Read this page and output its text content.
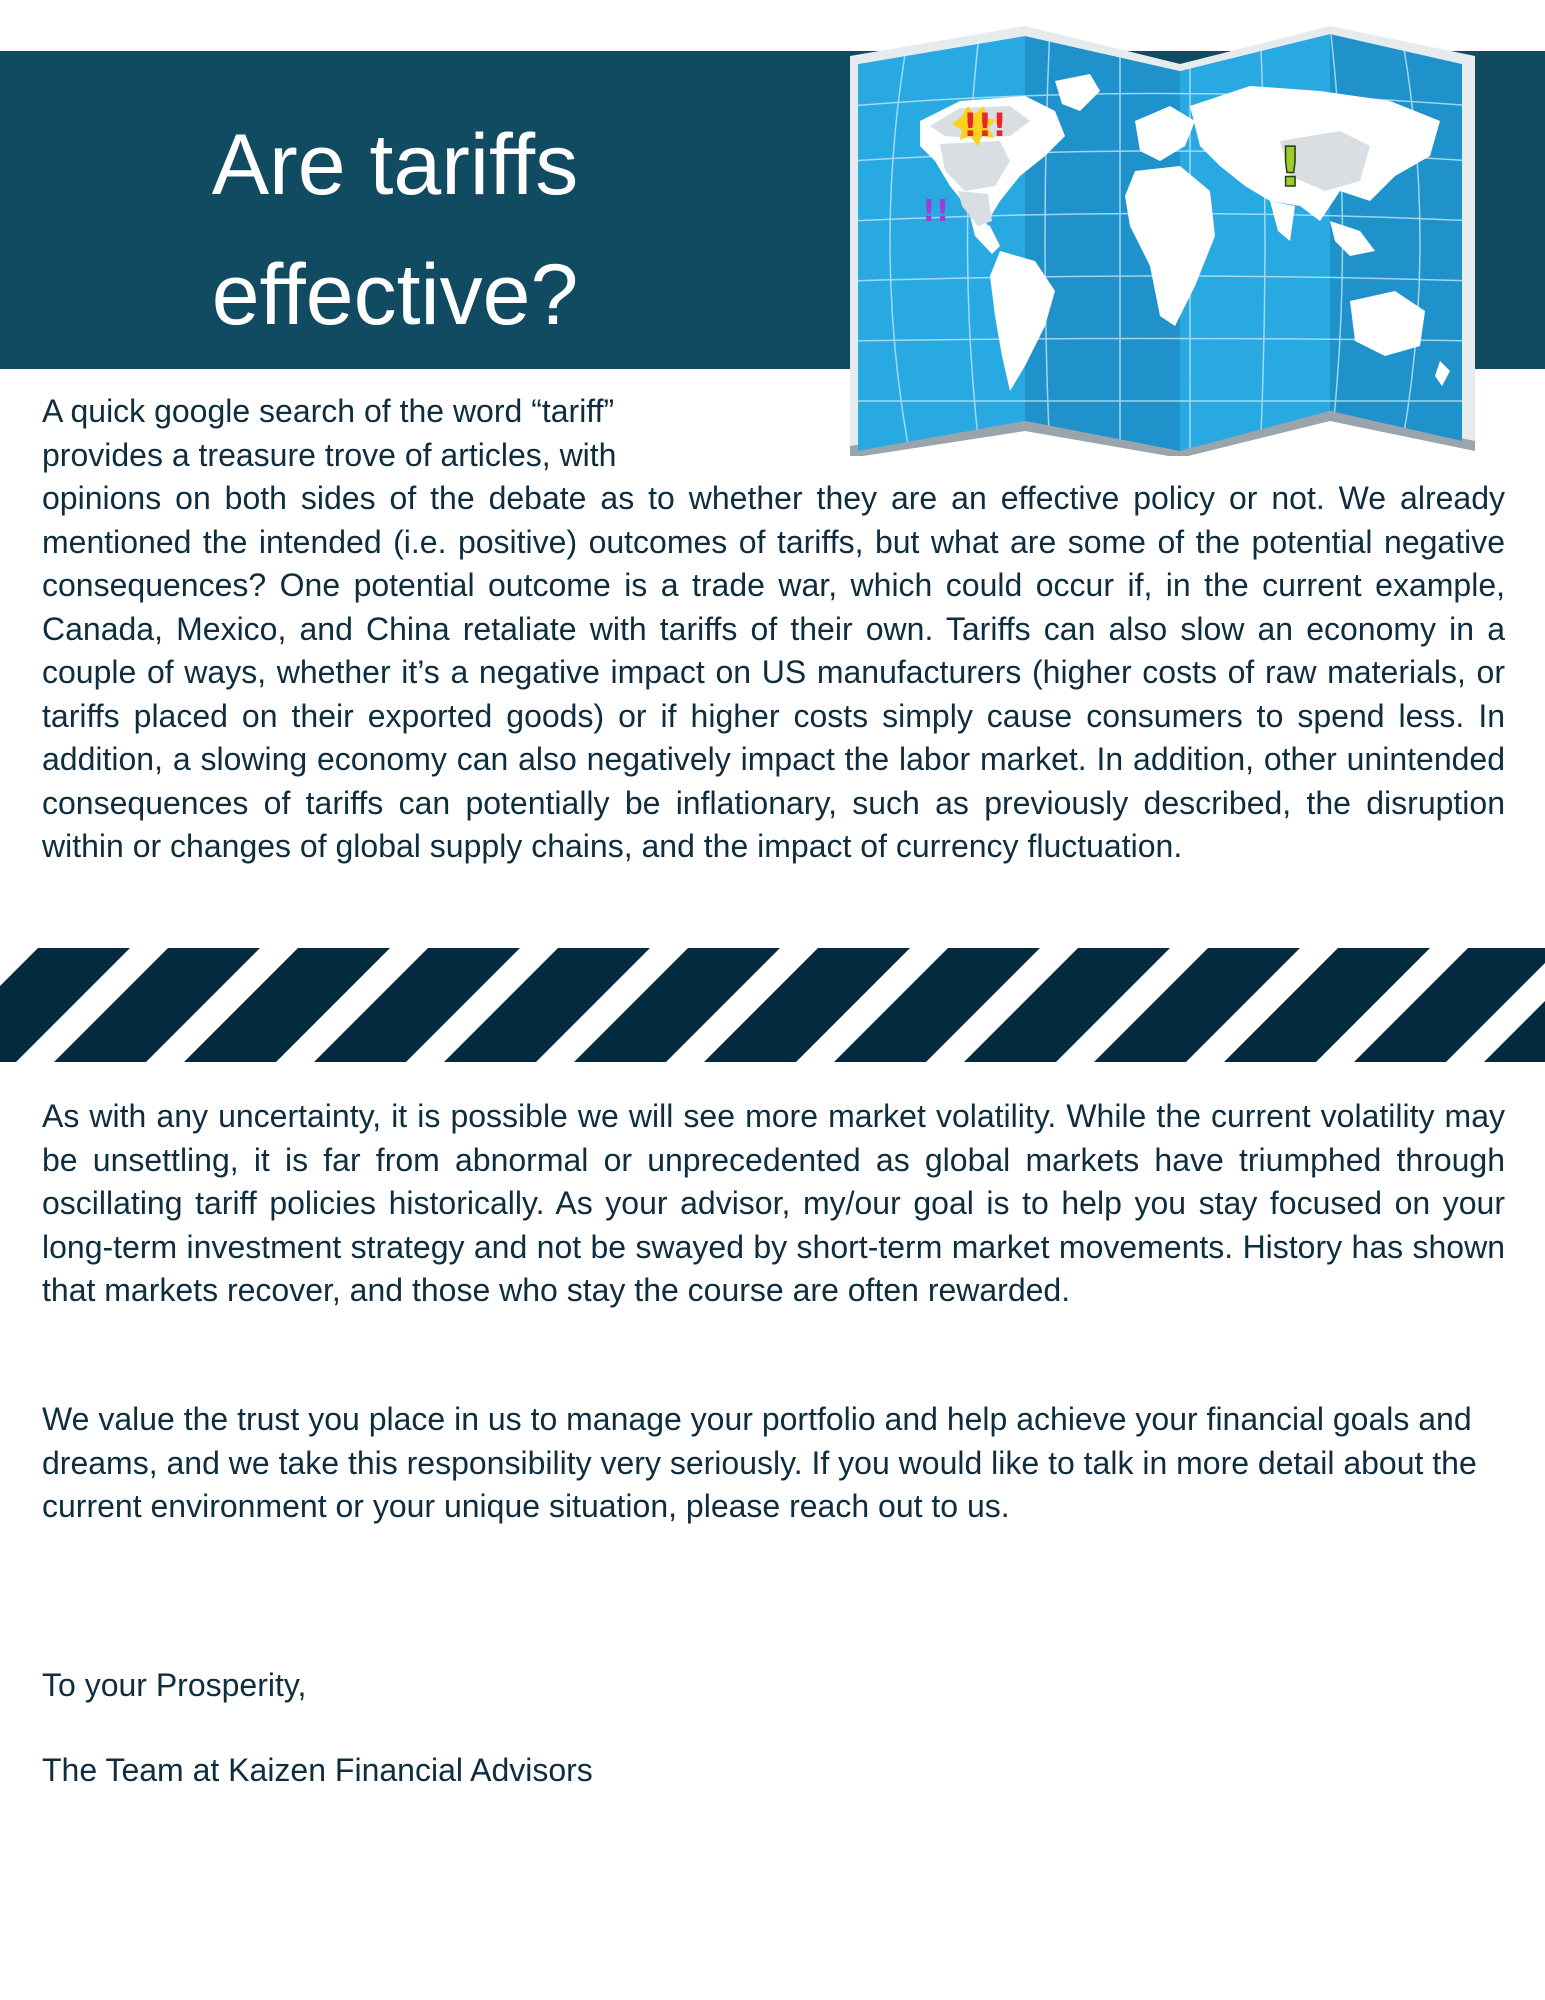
Are tariffs effective?
!!!
!!
!
A quick google search of the word “tariff” provides a treasure trove of articles, with
opinions on both sides of the debate as to whether they are an effective policy or not. We already mentioned the intended (i.e. positive) outcomes of tariffs, but what are some of the potential negative consequences? One potential outcome is a trade war, which could occur if, in the current example, Canada, Mexico, and China retaliate with tariffs of their own. Tariffs can also slow an economy in a couple of ways, whether it’s a negative impact on US manufacturers (higher costs of raw materials, or tariffs placed on their exported goods) or if higher costs simply cause consumers to spend less. In addition, a slowing economy can also negatively impact the labor market. In addition, other unintended consequences of tariffs can potentially be inflationary, such as previously described, the disruption within or changes of global supply chains, and the impact of currency fluctuation.

As with any uncertainty, it is possible we will see more market volatility. While the current volatility may be unsettling, it is far from abnormal or unprecedented as global markets have triumphed through oscillating tariff policies historically. As your advisor, my/our goal is to help you stay focused on your long-term investment strategy and not be swayed by short-term market movements. History has shown that markets recover, and those who stay the course are often rewarded.

We value the trust you place in us to manage your portfolio and help achieve your financial goals and dreams, and we take this responsibility very seriously. If you would like to talk in more detail about the current environment or your unique situation, please reach out to us.

To your Prosperity,

The Team at Kaizen Financial Advisors
